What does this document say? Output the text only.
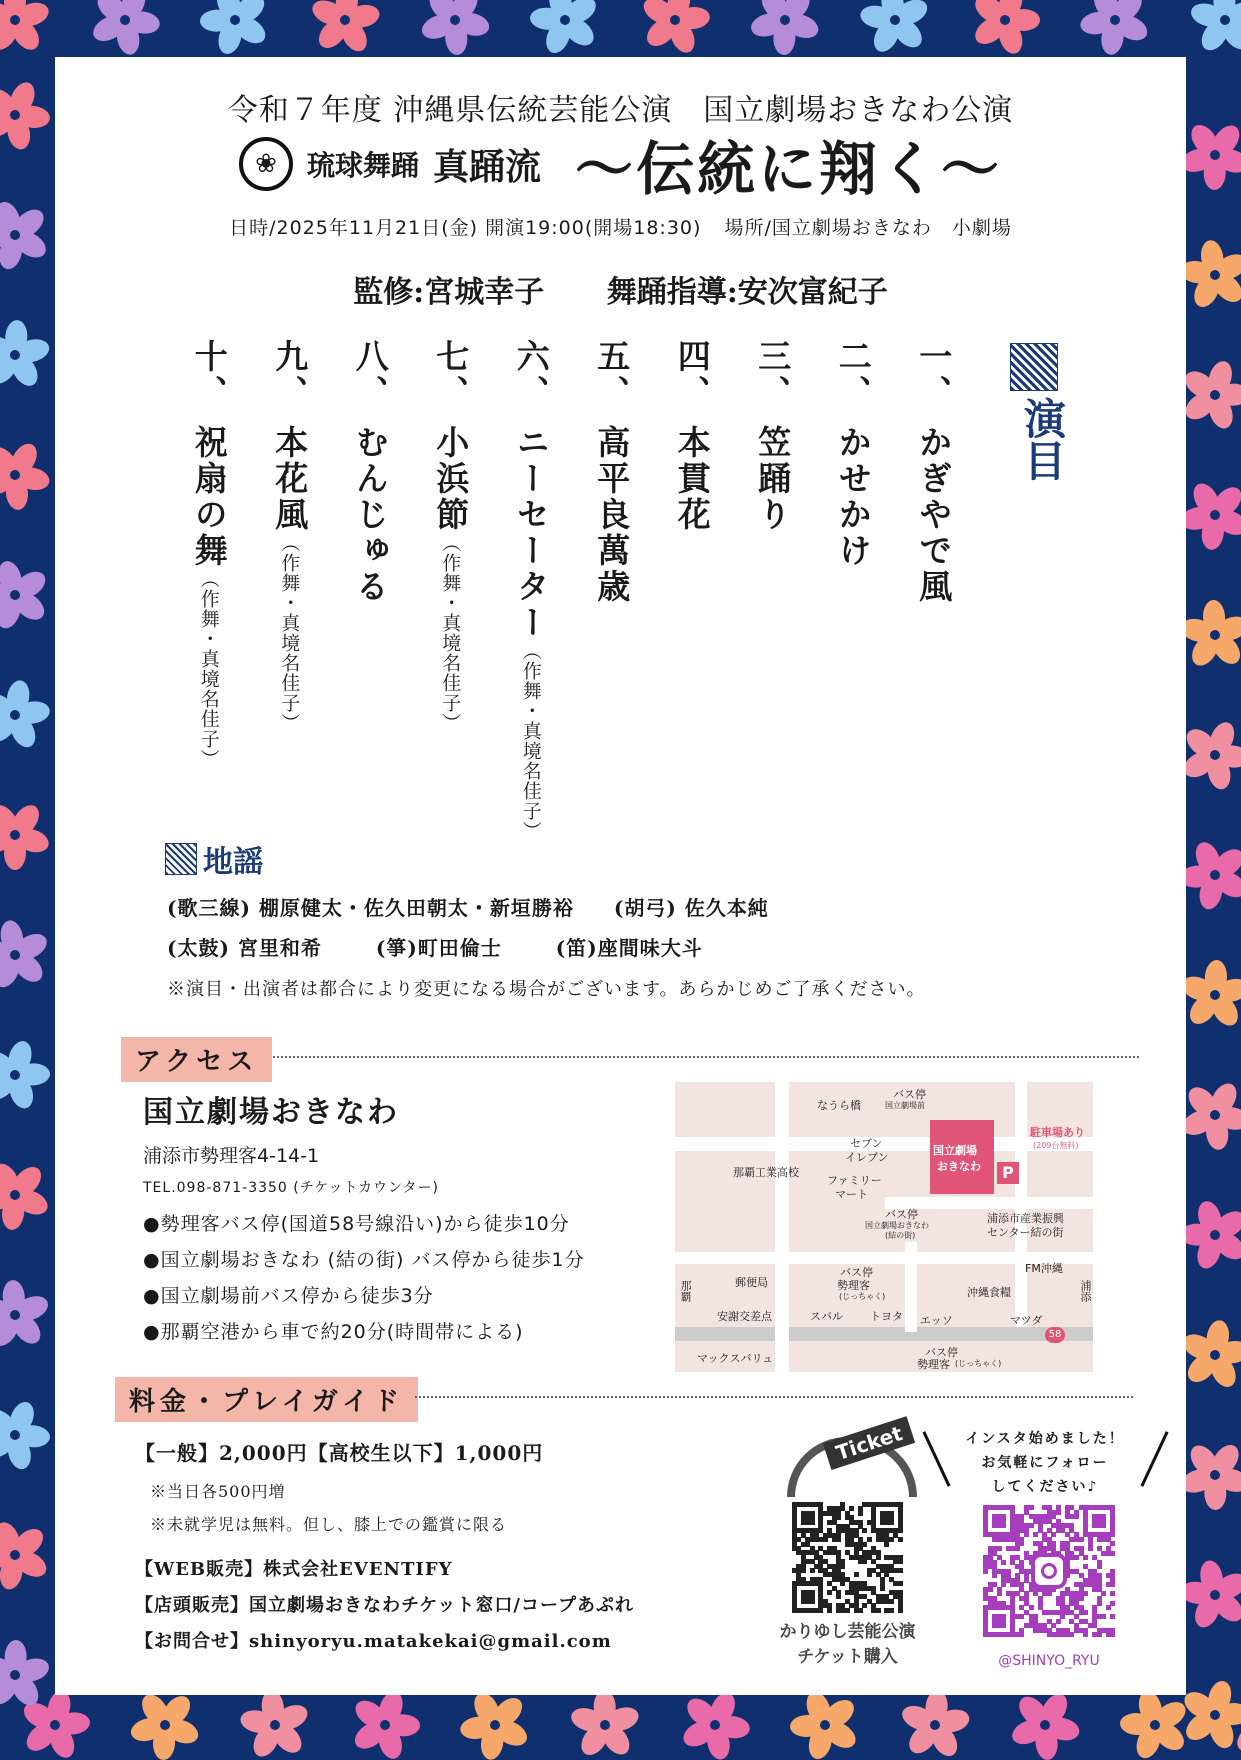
令和７年度 沖縄県伝統芸能公演　国立劇場おきなわ公演
❀	琉球舞踊 真踊流 〜伝統に翔く〜
日時/2025年11月21日(金) 開演19:00(開場18:30) 場所/国立劇場おきなわ　小劇場
監修:宮城幸子 舞踊指導:安次富紀子
演目
一、かぎやで風
二、かせかけ
三、笠踊り
四、本貫花
五、高平良萬歳
六、ニーセーター（作舞・真境名佳子）
七、小浜節（作舞・真境名佳子）
八、むんじゅる
九、本花風（作舞・真境名佳子）
十、祝扇の舞（作舞・真境名佳子）
地謡
(歌三線) 棚原健太・佐久田朝太・新垣勝裕 (胡弓) 佐久本純
(太鼓) 宮里和希	(箏)町田倫士	(笛)座間味大斗
※演目・出演者は都合により変更になる場合がございます。あらかじめご了承ください。
アクセス
国立劇場おきなわ
浦添市勢理客4-14-1
TEL.098-871-3350 (チケットカウンター)
●勢理客バス停(国道58号線沿い)から徒歩10分
●国立劇場おきなわ (結の街) バス停から徒歩1分
●国立劇場前バス停から徒歩3分
●那覇空港から車で約20分(時間帯による)
国立劇場
おきなわ	P
なうら橋
バス停
国立劇場前
駐車場あり
(209台無料)
セブン
イレブン
那覇工業高校
ファミリー
マート
バス停
国立劇場おきなわ
(結の街)
浦添市産業振興
センター結の街
郵便局
バス停
勢理客
(じっちゃく)
FM沖縄
沖縄食糧
那覇	浦添
安謝交差点	スバル トヨタ エッソ	マツダ
マックスバリュ	バス停
勢理客 (じっちゃく)
58
料金・プレイガイド
【一般】2,000円【高校生以下】1,000円
※当日各500円増
※未就学児は無料。但し、膝上での鑑賞に限る
【WEB販売】株式会社EVENTIFY
【店頭販売】国立劇場おきなわチケット窓口/コープあぷれ
【お問合せ】shinyoryu.matakekai@gmail.com
Ticket
かりゆし芸能公演
チケット購入
インスタ始めました！
お気軽にフォロー
してください♪
@SHINYO_RYU
